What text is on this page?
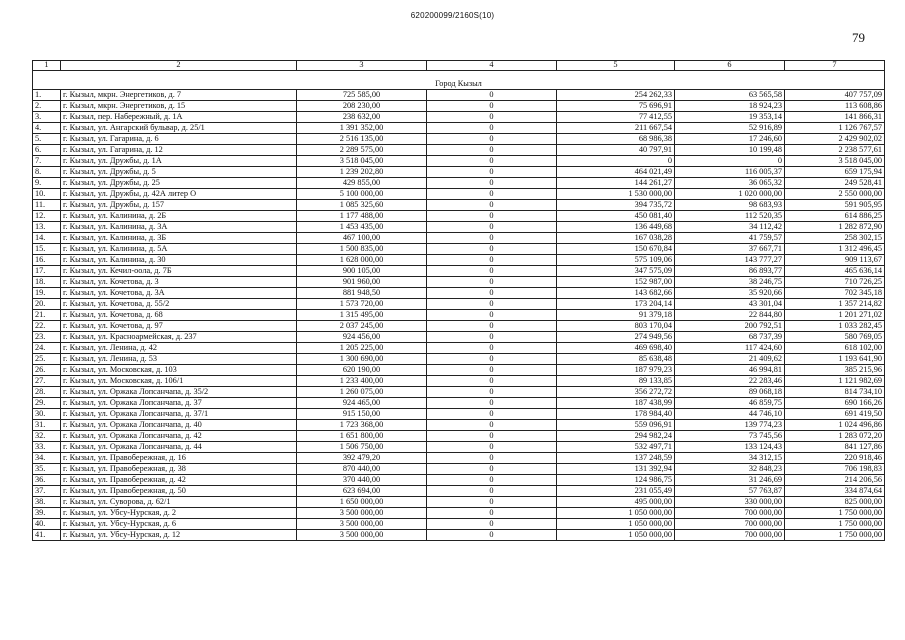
620200099/2160S(10)
79
1	2	3	4	5	6	7

Город Кызыл						
1.	г. Кызыл, мкрн. Энергетиков, д. 7	725 585,00	0	254 262,33	63 565,58	407 757,09
2.	г. Кызыл, мкрн. Энергетиков, д. 15	208 230,00	0	75 696,91	18 924,23	113 608,86
3.	г. Кызыл, пер. Набережный, д. 1А	238 632,00	0	77 412,55	19 353,14	141 866,31
4.	г. Кызыл, ул. Ангарский бульвар, д. 25/1	1 391 352,00	0	211 667,54	52 916,89	1 126 767,57
5.	г. Кызыл, ул. Гагарина, д. 6	2 516 135,00	0	68 986,38	17 246,60	2 429 902,02
6.	г. Кызыл, ул. Гагарина, д. 12	2 289 575,00	0	40 797,91	10 199,48	2 238 577,61
7.	г. Кызыл, ул. Дружбы, д. 1А	3 518 045,00	0	0	0	3 518 045,00
8.	г. Кызыл, ул. Дружбы, д. 5	1 239 202,80	0	464 021,49	116 005,37	659 175,94
9.	г. Кызыл, ул. Дружбы, д. 25	429 855,00	0	144 261,27	36 065,32	249 528,41
10.	г. Кызыл, ул. Дружбы, д. 42А литер О	5 100 000,00	0	1 530 000,00	1 020 000,00	2 550 000,00
11.	г. Кызыл, ул. Дружбы, д. 157	1 085 325,60	0	394 735,72	98 683,93	591 905,95
12.	г. Кызыл, ул. Калинина, д. 2Б	1 177 488,00	0	450 081,40	112 520,35	614 886,25
13.	г. Кызыл, ул. Калинина, д. 3А	1 453 435,00	0	136 449,68	34 112,42	1 282 872,90
14.	г. Кызыл, ул. Калинина, д. 3Б	467 100,00	0	167 038,28	41 759,57	258 302,15
15.	г. Кызыл, ул. Калинина, д. 5А	1 500 835,00	0	150 670,84	37 667,71	1 312 496,45
16.	г. Кызыл, ул. Калинина, д. 30	1 628 000,00	0	575 109,06	143 777,27	909 113,67
17.	г. Кызыл, ул. Кечил-оола, д. 7Б	900 105,00	0	347 575,09	86 893,77	465 636,14
18.	г. Кызыл, ул. Кочетова, д. 3	901 960,00	0	152 987,00	38 246,75	710 726,25
19.	г. Кызыл, ул. Кочетова, д. 3А	881 948,50	0	143 682,66	35 920,66	702 345,18
20.	г. Кызыл, ул. Кочетова, д. 55/2	1 573 720,00	0	173 204,14	43 301,04	1 357 214,82
21.	г. Кызыл, ул. Кочетова, д. 68	1 315 495,00	0	91 379,18	22 844,80	1 201 271,02
22.	г. Кызыл, ул. Кочетова, д. 97	2 037 245,00	0	803 170,04	200 792,51	1 033 282,45
23.	г. Кызыл, ул. Красноармейская, д. 237	924 456,00	0	274 949,56	68 737,39	580 769,05
24.	г. Кызыл, ул. Ленина, д. 42	1 205 225,00	0	469 698,40	117 424,60	618 102,00
25.	г. Кызыл, ул. Ленина, д. 53	1 300 690,00	0	85 638,48	21 409,62	1 193 641,90
26.	г. Кызыл, ул. Московская, д. 103	620 190,00	0	187 979,23	46 994,81	385 215,96
27.	г. Кызыл, ул. Московская, д. 106/1	1 233 400,00	0	89 133,85	22 283,46	1 121 982,69
28.	г. Кызыл, ул. Оржака Лопсанчапа, д. 35/2	1 260 075,00	0	356 272,72	89 068,18	814 734,10
29.	г. Кызыл, ул. Оржака Лопсанчапа, д. 37	924 465,00	0	187 438,99	46 859,75	690 166,26
30.	г. Кызыл, ул. Оржака Лопсанчапа, д. 37/1	915 150,00	0	178 984,40	44 746,10	691 419,50
31.	г. Кызыл, ул. Оржака Лопсанчапа, д. 40	1 723 368,00	0	559 096,91	139 774,23	1 024 496,86
32.	г. Кызыл, ул. Оржака Лопсанчапа, д. 42	1 651 800,00	0	294 982,24	73 745,56	1 283 072,20
33.	г. Кызыл, ул. Оржака Лопсанчапа, д. 44	1 506 750,00	0	532 497,71	133 124,43	841 127,86
34.	г. Кызыл, ул. Правобережная, д. 16	392 479,20	0	137 248,59	34 312,15	220 918,46
35.	г. Кызыл, ул. Правобережная, д. 38	870 440,00	0	131 392,94	32 848,23	706 198,83
36.	г. Кызыл, ул. Правобережная, д. 42	370 440,00	0	124 986,75	31 246,69	214 206,56
37.	г. Кызыл, ул. Правобережная, д. 50	623 694,00	0	231 055,49	57 763,87	334 874,64
38.	г. Кызыл, ул. Суворова, д. 62/1	1 650 000,00	0	495 000,00	330 000,00	825 000,00
39.	г. Кызыл, ул. Убсу-Нурская, д. 2	3 500 000,00	0	1 050 000,00	700 000,00	1 750 000,00
40.	г. Кызыл, ул. Убсу-Нурская, д. 6	3 500 000,00	0	1 050 000,00	700 000,00	1 750 000,00
41.	г. Кызыл, ул. Убсу-Нурская, д. 12	3 500 000,00	0	1 050 000,00	700 000,00	1 750 000,00
